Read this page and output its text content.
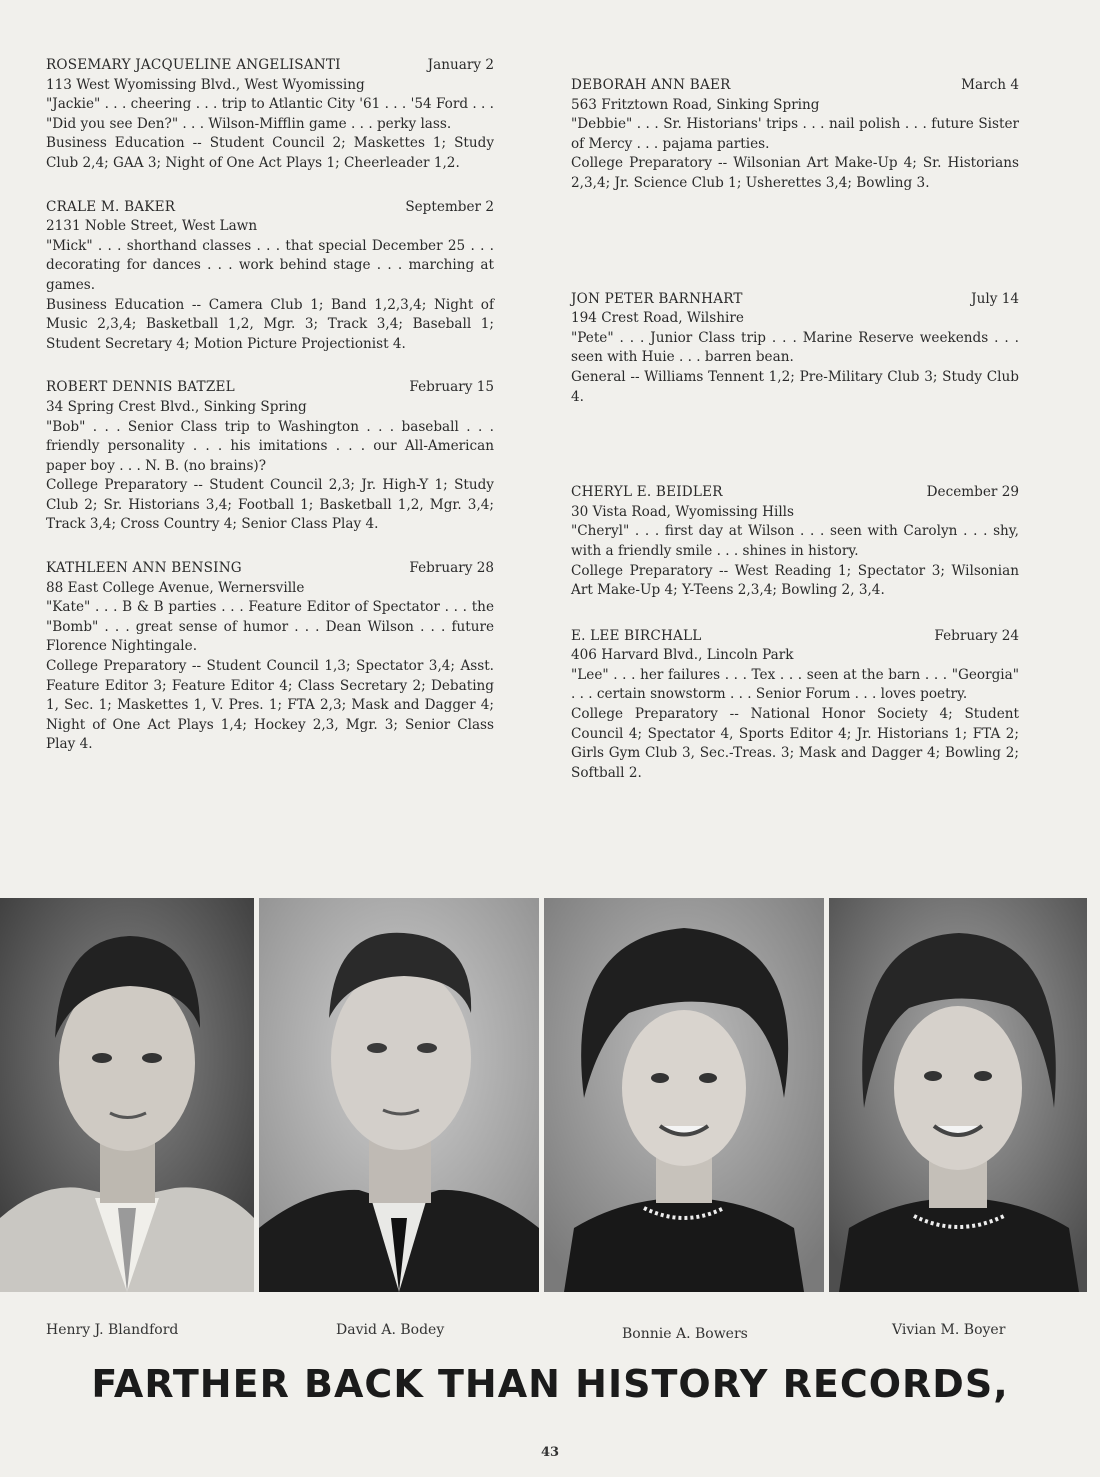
ROSEMARY JACQUELINE ANGELISANTI	January 2

113 West Wyomissing Blvd., West Wyomissing

"Jackie" . . . cheering . . . trip to Atlantic City '61 . . . '54 Ford . . . "Did you see Den?" . . . Wilson-Mifflin game . . . perky lass.

Business Education -- Student Council 2; Maskettes 1; Study Club 2,4; GAA 3; Night of One Act Plays 1; Cheerleader 1,2.

CRALE M. BAKER	September 2

2131 Noble Street, West Lawn

"Mick" . . . shorthand classes . . . that special December 25 . . . decorating for dances . . . work behind stage . . . marching at games.

Business Education -- Camera Club 1; Band 1,2,3,4; Night of Music 2,3,4; Basketball 1,2, Mgr. 3; Track 3,4; Baseball 1; Student Secretary 4; Motion Picture Projectionist 4.

ROBERT DENNIS BATZEL	February 15

34 Spring Crest Blvd., Sinking Spring

"Bob" . . . Senior Class trip to Washington . . . baseball . . . friendly personality . . . his imitations . . . our All-American paper boy . . . N. B. (no brains)?

College Preparatory -- Student Council 2,3; Jr. High-Y 1; Study Club 2; Sr. Historians 3,4; Football 1; Basketball 1,2, Mgr. 3,4; Track 3,4; Cross Country 4; Senior Class Play 4.

KATHLEEN ANN BENSING	February 28

88 East College Avenue, Wernersville

"Kate" . . . B & B parties . . . Feature Editor of Spectator . . . the "Bomb" . . . great sense of humor . . . Dean Wilson . . . future Florence Nightingale.

College Preparatory -- Student Council 1,3; Spectator 3,4; Asst. Feature Editor 3; Feature Editor 4; Class Secretary 2; Debating 1, Sec. 1; Maskettes 1, V. Pres. 1; FTA 2,3; Mask and Dagger 4; Night of One Act Plays 1,4; Hockey 2,3, Mgr. 3; Senior Class Play 4.

DEBORAH ANN BAER	March 4

563 Fritztown Road, Sinking Spring

"Debbie" . . . Sr. Historians' trips . . . nail polish . . . future Sister of Mercy . . . pajama parties.

College Preparatory -- Wilsonian Art Make-Up 4; Sr. Historians 2,3,4; Jr. Science Club 1; Usherettes 3,4; Bowling 3.

JON PETER BARNHART	July 14

194 Crest Road, Wilshire

"Pete" . . . Junior Class trip . . . Marine Reserve weekends . . . seen with Huie . . . barren bean.

General -- Williams Tennent 1,2; Pre-Military Club 3; Study Club 4.

CHERYL E. BEIDLER	December 29

30 Vista Road, Wyomissing Hills

"Cheryl" . . . first day at Wilson . . . seen with Carolyn . . . shy, with a friendly smile . . . shines in history.

College Preparatory -- West Reading 1; Spectator 3; Wilsonian Art Make-Up 4; Y-Teens 2,3,4; Bowling 2, 3,4.

E. LEE BIRCHALL	February 24

406 Harvard Blvd., Lincoln Park

"Lee" . . . her failures . . . Tex . . . seen at the barn . . . "Georgia" . . . certain snowstorm . . . Senior Forum . . . loves poetry.

College Preparatory -- National Honor Society 4; Student Council 4; Spectator 4, Sports Editor 4; Jr. Historians 1; FTA 2; Girls Gym Club 3, Sec.-Treas. 3; Mask and Dagger 4; Bowling 2; Softball 2.

Henry J. Blandford	David A. Bodey	Bonnie A. Bowers	Vivian M. Boyer
FARTHER BACK THAN HISTORY RECORDS,
43
